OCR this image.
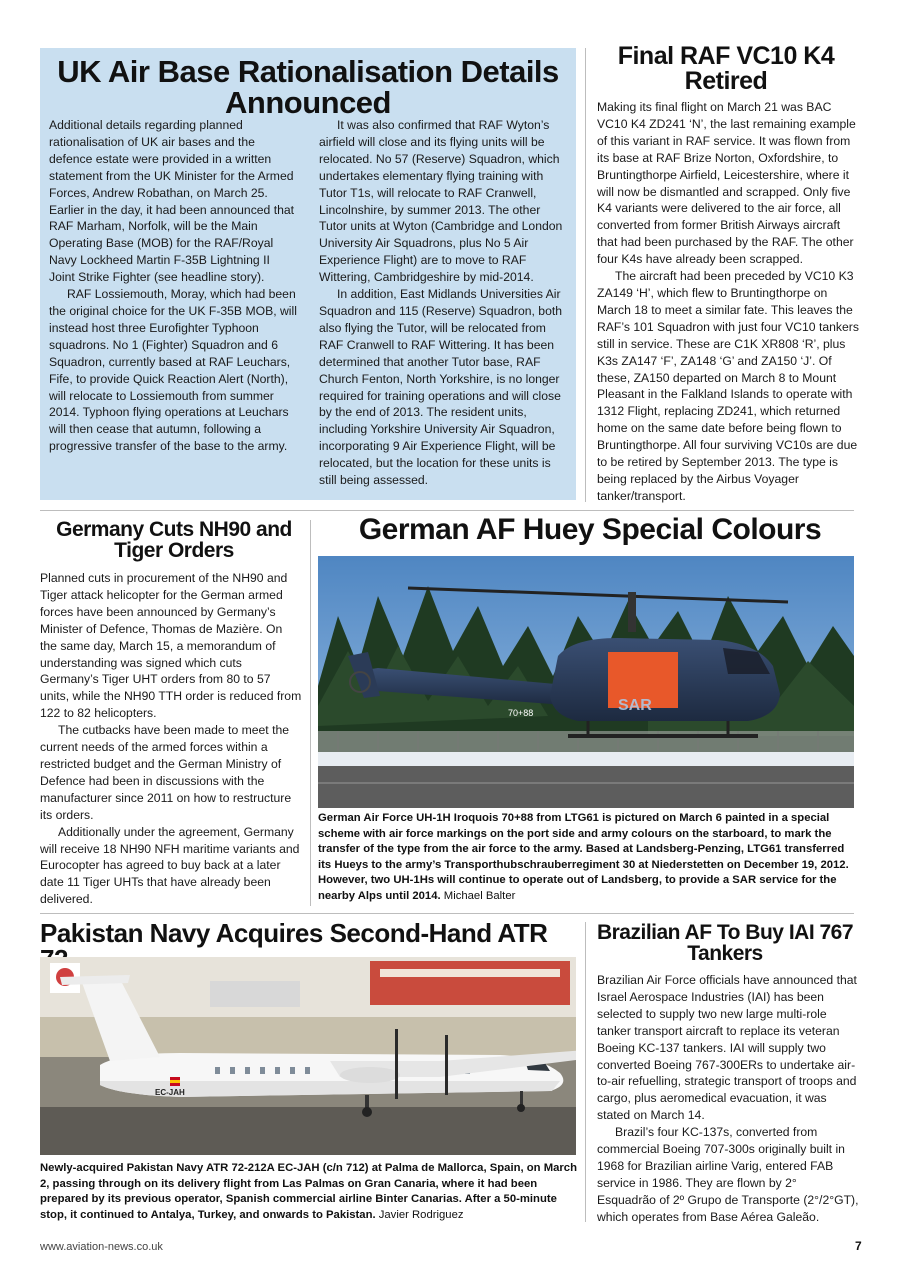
UK Air Base Rationalisation Details Announced

Additional details regarding planned rationalisation of UK air bases and the defence estate were provided in a written statement from the UK Minister for the Armed Forces, Andrew Robathan, on March 25. Earlier in the day, it had been announced that RAF Marham, Norfolk, will be the Main Operating Base (MOB) for the RAF/Royal Navy Lockheed Martin F-35B Lightning II Joint Strike Fighter (see headline story).

RAF Lossiemouth, Moray, which had been the original choice for the UK F-35B MOB, will instead host three Eurofighter Typhoon squadrons. No 1 (Fighter) Squadron and 6 Squadron, currently based at RAF Leuchars, Fife, to provide Quick Reaction Alert (North), will relocate to Lossiemouth from summer 2014. Typhoon flying operations at Leuchars will then cease that autumn, following a progressive transfer of the base to the army.

It was also confirmed that RAF Wyton’s airfield will close and its flying units will be relocated. No 57 (Reserve) Squadron, which undertakes elementary flying training with Tutor T1s, will relocate to RAF Cranwell, Lincolnshire, by summer 2013. The other Tutor units at Wyton (Cambridge and London University Air Squadrons, plus No 5 Air Experience Flight) are to move to RAF Wittering, Cambridgeshire by mid-2014.

In addition, East Midlands Universities Air Squadron and 115 (Reserve) Squadron, both also flying the Tutor, will be relocated from RAF Cranwell to RAF Wittering. It has been determined that another Tutor base, RAF Church Fenton, North Yorkshire, is no longer required for training operations and will close by the end of 2013. The resident units, including Yorkshire University Air Squadron, incorporating 9 Air Experience Flight, will be relocated, but the location for these units is still being assessed.

Final RAF VC10 K4 Retired

Making its final flight on March 21 was BAC VC10 K4 ZD241 ‘N’, the last remaining example of this variant in RAF service. It was flown from its base at RAF Brize Norton, Oxfordshire, to Bruntingthorpe Airfield, Leicestershire, where it will now be dismantled and scrapped. Only five K4 variants were delivered to the air force, all converted from former British Airways aircraft that had been purchased by the RAF. The other four K4s have already been scrapped.

The aircraft had been preceded by VC10 K3 ZA149 ‘H’, which flew to Bruntingthorpe on March 18 to meet a similar fate. This leaves the RAF’s 101 Squadron with just four VC10 tankers still in service. These are C1K XR808 ‘R’, plus K3s ZA147 ‘F’, ZA148 ‘G’ and ZA150 ‘J’. Of these, ZA150 departed on March 8 to Mount Pleasant in the Falkland Islands to operate with 1312 Flight, replacing ZD241, which returned home on the same date before being flown to Bruntingthorpe. All four surviving VC10s are due to be retired by September 2013. The type is being replaced by the Airbus Voyager tanker/transport.

Germany Cuts NH90 and Tiger Orders

Planned cuts in procurement of the NH90 and Tiger attack helicopter for the German armed forces have been announced by Germany’s Minister of Defence, Thomas de Mazière. On the same day, March 15, a memorandum of understanding was signed which cuts Germany’s Tiger UHT orders from 80 to 57 units, while the NH90 TTH order is reduced from 122 to 82 helicopters.

The cutbacks have been made to meet the current needs of the armed forces within a restricted budget and the German Ministry of Defence had been in discussions with the manufacturer since 2011 on how to restructure its orders.

Additionally under the agreement, Germany will receive 18 NH90 NFH maritime variants and Eurocopter has agreed to buy back at a later date 11 Tiger UHTs that have already been delivered.

German AF Huey Special Colours
SAR
70+88
German Air Force UH-1H Iroquois 70+88 from LTG61 is pictured on March 6 painted in a special scheme with air force markings on the port side and army colours on the starboard, to mark the transfer of the type from the air force to the army. Based at Landsberg-Penzing, LTG61 transferred its Hueys to the army’s Transporthubschrauberregiment 30 at Niederstetten on December 19, 2012. However, two UH-1Hs will continue to operate out of Landsberg, to provide a SAR service for the nearby Alps until 2014. Michael Balter
Pakistan Navy Acquires Second-Hand ATR
EC-JAH
Newly-acquired Pakistan Navy ATR 72-212A EC-JAH (c/n 712) at Palma de Mallorca, Spain, on March 2, passing through on its delivery flight from Las Palmas on Gran Canaria, where it had been prepared by its previous operator, Spanish commercial airline Binter Canarias. After a 50-minute stop, it continued to Antalya, Turkey, and onwards to Pakistan. Javier Rodriguez
Brazilian AF To Buy IAI 767 Tankers

Brazilian Air Force officials have announced that Israel Aerospace Industries (IAI) has been selected to supply two new large multi-role tanker transport aircraft to replace its veteran Boeing KC-137 tankers. IAI will supply two converted Boeing 767-300ERs to undertake air-to-air refuelling, strategic transport of troops and cargo, plus aeromedical evacuation, it was stated on March 14.

Brazil’s four KC-137s, converted from commercial Boeing 707-300s originally built in 1968 for Brazilian airline Varig, entered FAB service in 1986. They are flown by 2° Esquadrão of 2º Grupo de Transporte (2°/2°GT), which operates from Base Aérea Galeão.

www.aviation-news.co.uk	7
